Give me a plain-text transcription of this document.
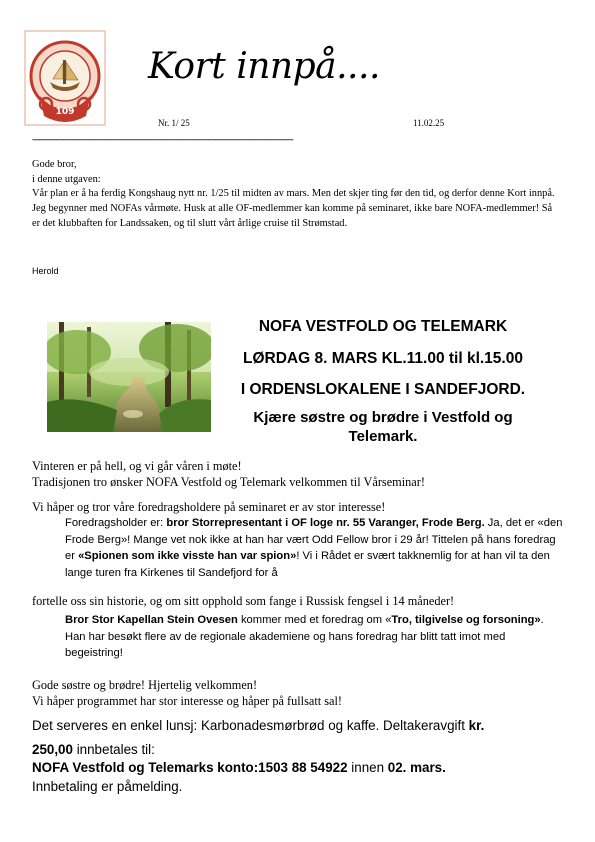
109
Kort innpå....
Nr. 1/ 25	11.02.25
-------------------------------------------------------------------------------------------------------------------------------------------------

Gode bror,

i denne utgaven:

Vår plan er å ha ferdig Kongshaug nytt nr. 1/25 til midten av mars. Men det skjer ting før den tid, og derfor denne Kort innpå.

Jeg begynner med NOFAs vårmøte. Husk at alle OF-medlemmer kan komme på seminaret, ikke bare NOFA-medlemmer! Så er det klubbaften for Landssaken, og til slutt vårt årlige cruise til Strømstad.

Herold
NOFA VESTFOLD OG TELEMARK
LØRDAG 8. MARS KL.11.00 til kl.15.00
I ORDENSLOKALENE I SANDEFJORD.
Kjære søstre og brødre i Vestfold og Telemark.
Vinteren er på hell, og vi går våren i møte!
Tradisjonen tro ønsker NOFA Vestfold og Telemark velkommen til Vårseminar!
Vi håper og tror våre foredragsholdere på seminaret er av stor interesse!
Foredragsholder er: bror Storrepresentant i OF loge nr. 55 Varanger, Frode Berg. Ja, det er «den Frode Berg»! Mange vet nok ikke at han har vært Odd Fellow bror i 29 år! Tittelen på hans foredrag er «Spionen som ikke visste han var spion»! Vi i Rådet er svært takknemlig for at han vil ta den lange turen fra Kirkenes til Sandefjord for å
fortelle oss sin historie, og om sitt opphold som fange i Russisk fengsel i 14 måneder!
Bror Stor Kapellan Stein Ovesen kommer med et foredrag om «Tro, tilgivelse og forsoning». Han har besøkt flere av de regionale akademiene og hans foredrag har blitt tatt imot med begeistring!
Gode søstre og brødre! Hjertelig velkommen!
Vi håper programmet har stor interesse og håper på fullsatt sal!
Det serveres en enkel lunsj: Karbonadesmørbrød og kaffe. Deltakeravgift kr.
250,00 innbetales til:
NOFA Vestfold og Telemarks konto:1503 88 54922 innen 02. mars.
Innbetaling er påmelding.
